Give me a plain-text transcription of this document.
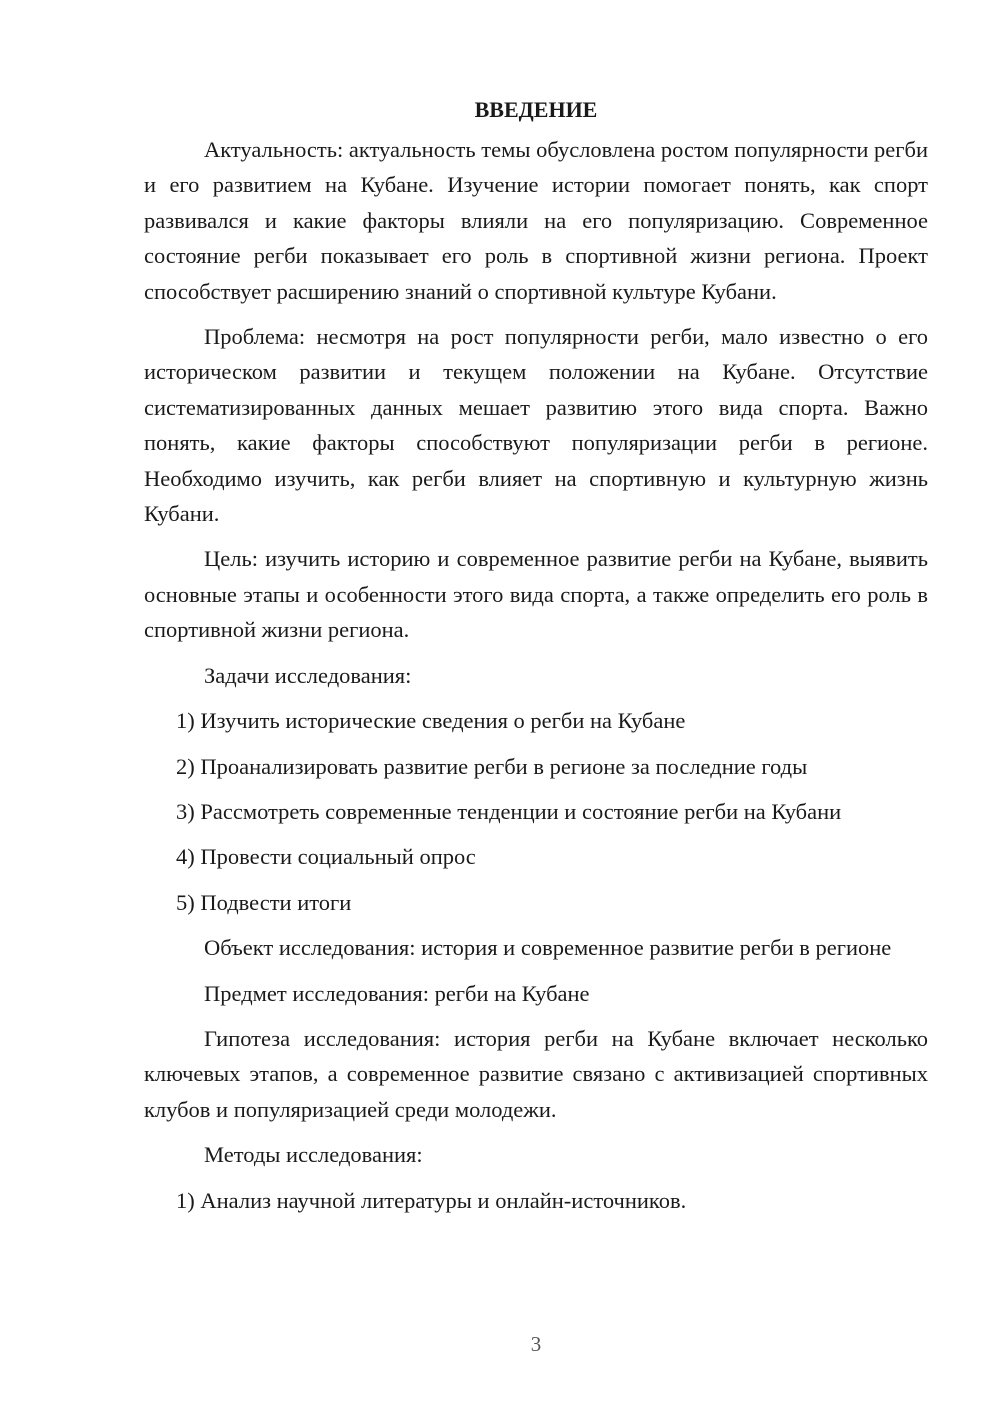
ВВЕДЕНИЕ

Актуальность: актуальность темы обусловлена ростом популярности регби и его развитием на Кубане. Изучение истории помогает понять, как спорт развивался и какие факторы влияли на его популяризацию. Современное состояние регби показывает его роль в спортивной жизни региона. Проект способствует расширению знаний о спортивной культуре Кубани.

Проблема: несмотря на рост популярности регби, мало известно о его историческом развитии и текущем положении на Кубане. Отсутствие систематизированных данных мешает развитию этого вида спорта. Важно понять, какие факторы способствуют популяризации регби в регионе. Необходимо изучить, как регби влияет на спортивную и культурную жизнь Кубани.

Цель: изучить историю и современное развитие регби на Кубане, выявить основные этапы и особенности этого вида спорта, а также определить его роль в спортивной жизни региона.

Задачи исследования:

1) Изучить исторические сведения о регби на Кубане

2) Проанализировать развитие регби в регионе за последние годы

3) Рассмотреть современные тенденции и состояние регби на Кубани

4) Провести социальный опрос

5) Подвести итоги

Объект исследования: история и современное развитие регби в регионе

Предмет исследования: регби на Кубане

Гипотеза исследования: история регби на Кубане включает несколько ключевых этапов, а современное развитие связано с активизацией спортивных клубов и популяризацией среди молодежи.

Методы исследования:

1) Анализ научной литературы и онлайн-источников.

3
